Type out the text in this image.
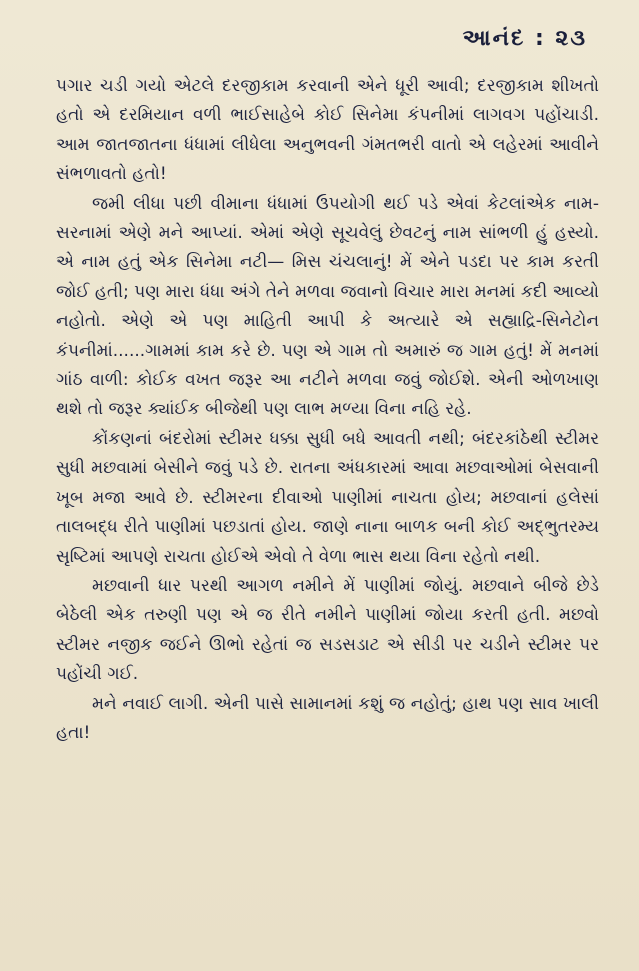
આનંદ : ૨૩

પગાર ચડી ગયો એટલે દરજીકામ કરવાની એને ધૂરી આવી; દરજીકામ શીખતો હતો એ દરમિયાન વળી ભાઈસાહેબે કોઈ સિનેમા કંપનીમાં લાગવગ પહોંચાડી. આમ જાતજાતના ધંધામાં લીધેલા અનુભવની ગંમતભરી વાતો એ લહેરમાં આવીને સંભળાવતો હતો!

જમી લીધા પછી વીમાના ધંધામાં ઉપયોગી થઈ પડે એવાં કેટલાંએક નામ-સરનામાં એણે મને આપ્યાં. એમાં એણે સૂચવેલું છેવટનું નામ સાંભળી હું હસ્યો. એ નામ હતું એક સિનેમા નટી— મિસ ચંચલાનું! મેં એને પડદા પર કામ કરતી જોઈ હતી; પણ મારા ધંધા અંગે તેને મળવા જવાનો વિચાર મારા મનમાં કદી આવ્યો નહોતો. એણે એ પણ માહિતી આપી કે અત્યારે એ સહ્યાદ્રિ-સિનેટોન કંપનીમાં......ગામમાં કામ કરે છે. પણ એ ગામ તો અમારું જ ગામ હતું! મેં મનમાં ગાંઠ વાળી: કોઈક વખત જરૂર આ નટીને મળવા જવું જોઈશે. એની ઓળખાણ થશે તો જરૂર ક્યાંઈક બીજેથી પણ લાભ મળ્યા વિના નહિ રહે.

કોંકણનાં બંદરોમાં સ્ટીમર ધક્કા સુધી બધે આવતી નથી; બંદરકાંઠેથી સ્ટીમર સુધી મછવામાં બેસીને જવું પડે છે. રાતના અંધકારમાં આવા મછવાઓમાં બેસવાની ખૂબ મજા આવે છે. સ્ટીમરના દીવાઓ પાણીમાં નાચતા હોય; મછવાનાં હલેસાં તાલબદ્ધ રીતે પાણીમાં પછડાતાં હોય. જાણે નાના બાળક બની કોઈ અદ્ભુતરમ્ય સૃષ્ટિમાં આપણે રાચતા હોઈએ એવો તે વેળા ભાસ થયા વિના રહેતો નથી.

મછવાની ધાર પરથી આગળ નમીને મેં પાણીમાં જોયું. મછવાને બીજે છેડે બેઠેલી એક તરુણી પણ એ જ રીતે નમીને પાણીમાં જોયા કરતી હતી. મછવો સ્ટીમર નજીક જઈને ઊભો રહેતાં જ સડસડાટ એ સીડી પર ચડીને સ્ટીમર પર પહોંચી ગઈ.

મને નવાઈ લાગી. એની પાસે સામાનમાં કશું જ નહોતું; હાથ પણ સાવ ખાલી હતા!
